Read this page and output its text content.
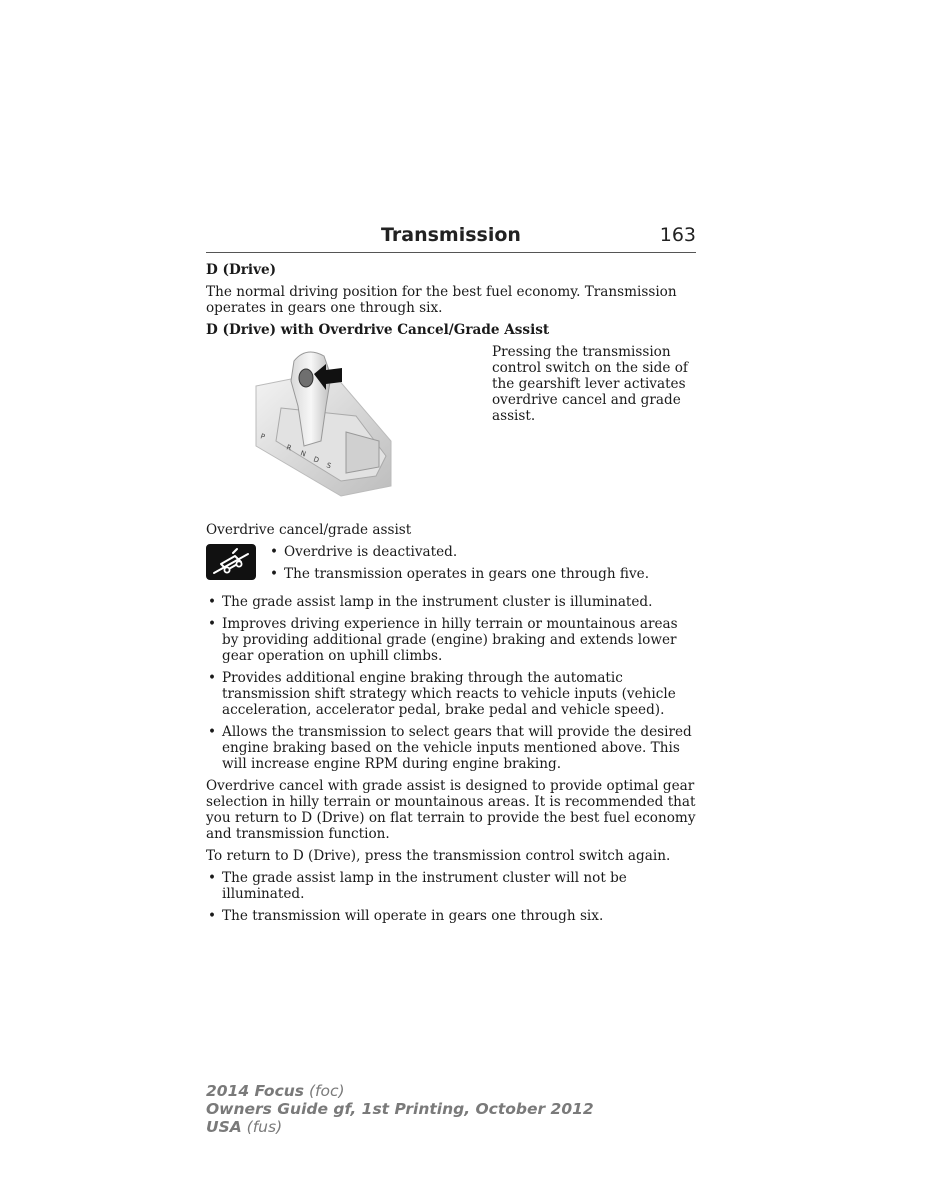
Transmission	163
D (Drive)

The normal driving position for the best fuel economy. Transmission operates in gears one through six.

D (Drive) with Overdrive Cancel/Grade Assist
P
R
N
D
S
Pressing the transmission control switch on the side of the gearshift lever activates overdrive cancel and grade assist.

Overdrive cancel/grade assist

• Overdrive is deactivated.
• The transmission operates in gears one through five.
• The grade assist lamp in the instrument cluster is illuminated.
• Improves driving experience in hilly terrain or mountainous areas by providing additional grade (engine) braking and extends lower gear operation on uphill climbs.
• Provides additional engine braking through the automatic transmission shift strategy which reacts to vehicle inputs (vehicle acceleration, accelerator pedal, brake pedal and vehicle speed).
• Allows the transmission to select gears that will provide the desired engine braking based on the vehicle inputs mentioned above. This will increase engine RPM during engine braking.

Overdrive cancel with grade assist is designed to provide optimal gear selection in hilly terrain or mountainous areas. It is recommended that you return to D (Drive) on flat terrain to provide the best fuel economy and transmission function.

To return to D (Drive), press the transmission control switch again.

• The grade assist lamp in the instrument cluster will not be illuminated.
• The transmission will operate in gears one through six.
2014 Focus (foc)
Owners Guide gf, 1st Printing, October 2012
USA (fus)
